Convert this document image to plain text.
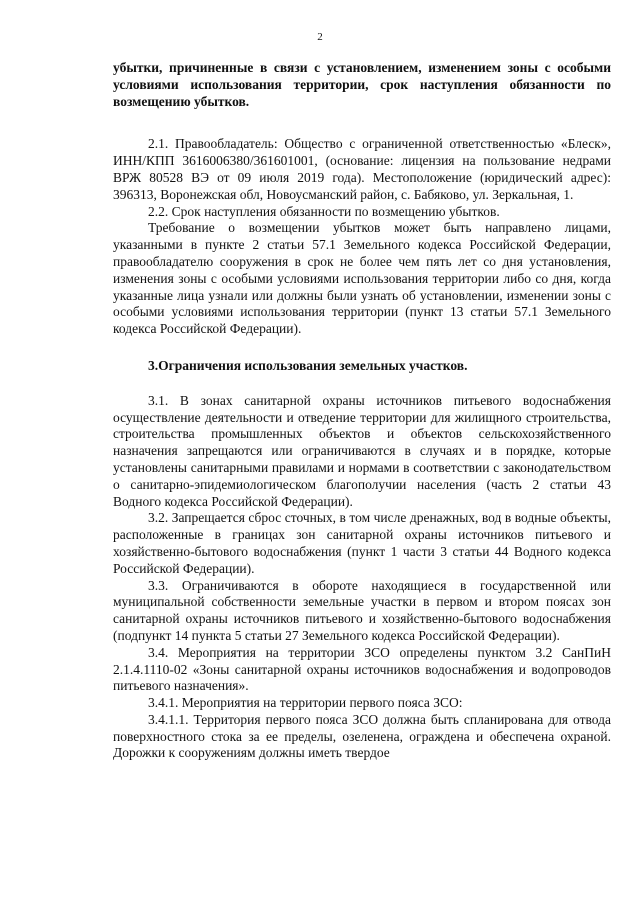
2

убытки, причиненные в связи с установлением, изменением зоны с особыми условиями использования территории, срок наступления обязанности по возмещению убытков.

2.1. Правообладатель: Общество с ограниченной ответственностью «Блеск», ИНН/КПП 3616006380/361601001, (основание: лицензия на пользование недрами ВРЖ 80528 ВЭ от 09 июля 2019 года). Местоположение (юридический адрес): 396313, Воронежская обл, Новоусманский район, с. Бабяково, ул. Зеркальная, 1.

2.2. Срок наступления обязанности по возмещению убытков.

Требование о возмещении убытков может быть направлено лицами, указанными в пункте 2 статьи 57.1 Земельного кодекса Российской Федерации, правообладателю сооружения в срок не более чем пять лет со дня установления, изменения зоны с особыми условиями использования территории либо со дня, когда указанные лица узнали или должны были узнать об установлении, изменении зоны с особыми условиями использования территории (пункт 13 статьи 57.1 Земельного кодекса Российской Федерации).

3.Ограничения использования земельных участков.

3.1. В зонах санитарной охраны источников питьевого водоснабжения осуществление деятельности и отведение территории для жилищного строительства, строительства промышленных объектов и объектов сельскохозяйственного назначения запрещаются или ограничиваются в случаях и в порядке, которые установлены санитарными правилами и нормами в соответствии с законодательством о санитарно-эпидемиологическом благополучии населения (часть 2 статьи 43 Водного кодекса Российской Федерации).

3.2. Запрещается сброс сточных, в том числе дренажных, вод в водные объекты, расположенные в границах зон санитарной охраны источников питьевого и хозяйственно-бытового водоснабжения (пункт 1 части 3 статьи 44 Водного кодекса Российской Федерации).

3.3. Ограничиваются в обороте находящиеся в государственной или муниципальной собственности земельные участки в первом и втором поясах зон санитарной охраны источников питьевого и хозяйственно-бытового водоснабжения (подпункт 14 пункта 5 статьи 27 Земельного кодекса Российской Федерации).

3.4. Мероприятия на территории ЗСО определены пунктом 3.2 СанПиН 2.1.4.1110-02 «Зоны санитарной охраны источников водоснабжения и водопроводов питьевого назначения».

3.4.1. Мероприятия на территории первого пояса ЗСО:

3.4.1.1. Территория первого пояса ЗСО должна быть спланирована для отвода поверхностного стока за ее пределы, озеленена, ограждена и обеспечена охраной. Дорожки к сооружениям должны иметь твердое
